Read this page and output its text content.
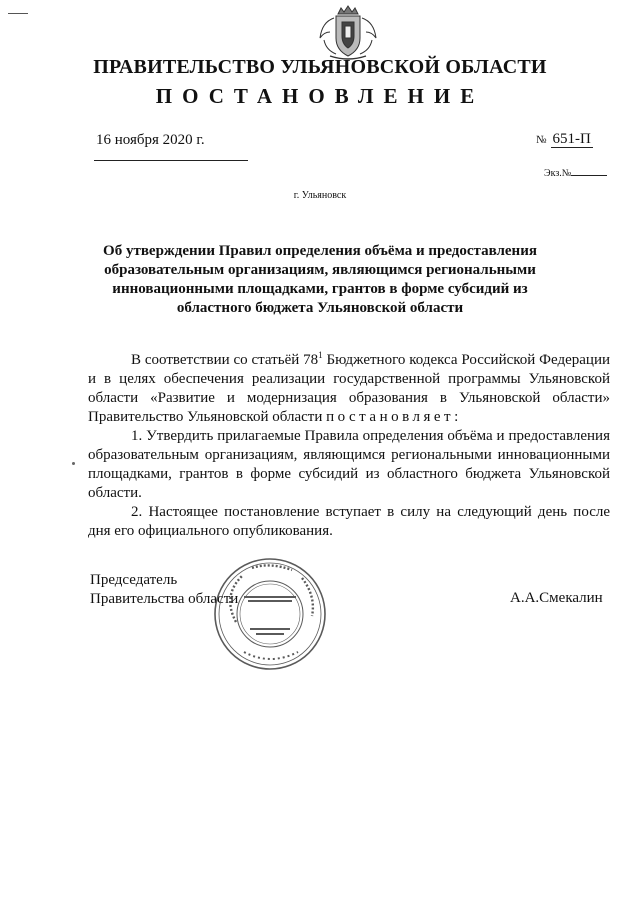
ПРАВИТЕЛЬСТВО УЛЬЯНОВСКОЙ ОБЛАСТИ
ПОСТАНОВЛЕНИЕ
16 ноября 2020 г.	№ 651-П
Экз.№
г. Ульяновск
Об утверждении Правил определения объёма и предоставления образовательным организациям, являющимся региональными инновационными площадками, грантов в форме субсидий из областного бюджета Ульяновской области

В соответствии со статьёй $78^1$ Бюджетного кодекса Российской Федерации и в целях обеспечения реализации государственной программы Ульяновской области «Развитие и модернизация образования в Ульяновской области» Правительство Ульяновской области постановляет:

1. Утвердить прилагаемые Правила определения объёма и предоставления образовательным организациям, являющимся региональными инновационными площадками, грантов в форме субсидий из областного бюджета Ульяновской области.

2. Настоящее постановление вступает в силу на следующий день после дня его официального опубликования.

Председатель
Правительства области	А.А.Смекалин
